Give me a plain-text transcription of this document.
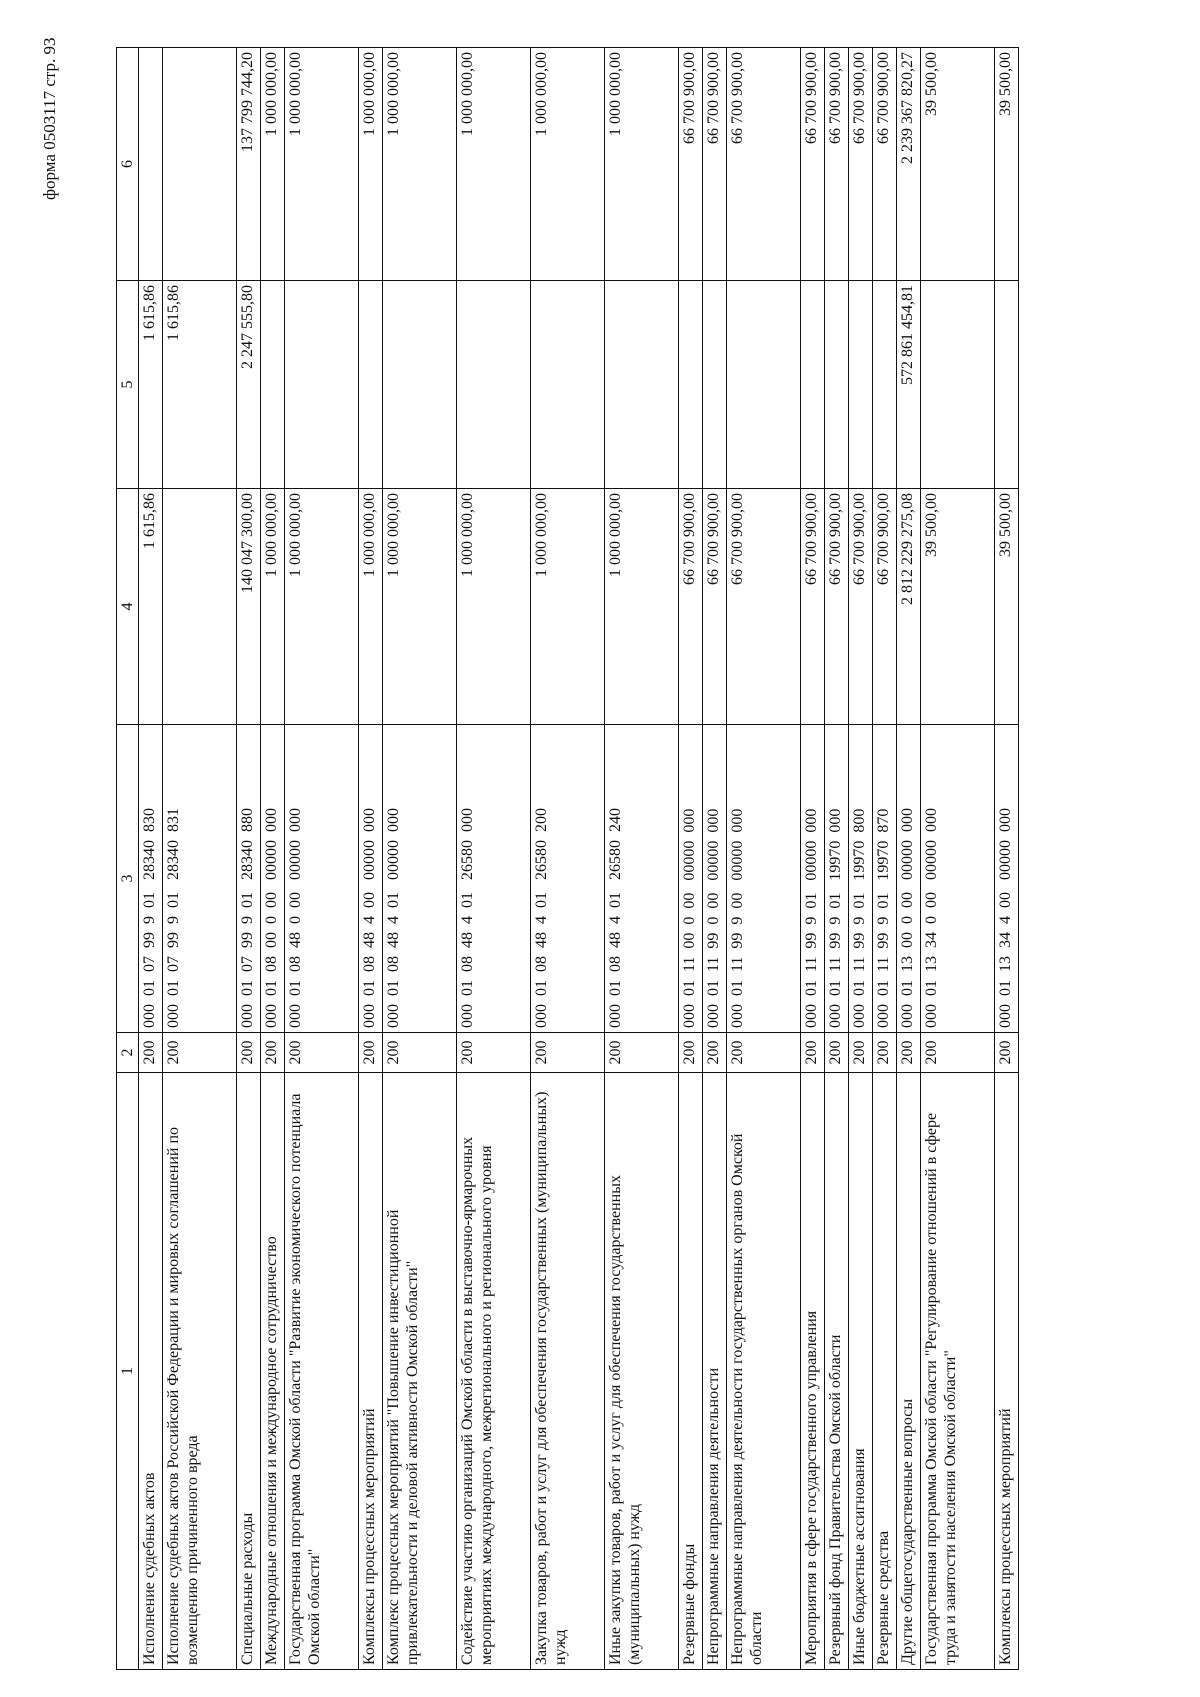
форма 0503117 стр. 93
1	2	3	4	5	6
Исполнение судебных актов	200	000  01  07  99  9  01   28340  830	1 615,86	1 615,86	
Исполнение судебных актов Российской Федерации и мировых соглашений по возмещению причиненного вреда	200	000  01  07  99  9  01   28340  831		1 615,86	
Специальные расходы	200	000  01  07  99  9  01   28340  880	140 047 300,00	2 247 555,80	137 799 744,20
Международные отношения и международное сотрудничество	200	000  01  08  00  0  00   00000  000	1 000 000,00		1 000 000,00
Государственная программа Омской области "Развитие экономического потенциала Омской области"	200	000  01  08  48  0  00   00000  000	1 000 000,00		1 000 000,00
Комплексы процессных мероприятий	200	000  01  08  48  4  00   00000  000	1 000 000,00		1 000 000,00
Комплекс процессных мероприятий "Повышение инвестиционной привлекательности и деловой активности Омской области"	200	000  01  08  48  4  01   00000  000	1 000 000,00		1 000 000,00
Содействие участию организаций Омской области в выставочно-ярмарочных мероприятиях международного, межрегионального и регионального уровня	200	000  01  08  48  4  01   26580  000	1 000 000,00		1 000 000,00
Закупка товаров, работ и услуг для обеспечения государственных (муниципальных) нужд	200	000  01  08  48  4  01   26580  200	1 000 000,00		1 000 000,00
Иные закупки товаров, работ и услуг для обеспечения государственных (муниципальных) нужд	200	000  01  08  48  4  01   26580  240	1 000 000,00		1 000 000,00
Резервные фонды	200	000  01  11  00  0  00   00000  000	66 700 900,00		66 700 900,00
Непрограммные направления деятельности	200	000  01  11  99  0  00   00000  000	66 700 900,00		66 700 900,00
Непрограммные направления деятельности государственных органов Омской области	200	000  01  11  99  9  00   00000  000	66 700 900,00		66 700 900,00
Мероприятия в сфере государственного управления	200	000  01  11  99  9  01   00000  000	66 700 900,00		66 700 900,00
Резервный фонд Правительства Омской области	200	000  01  11  99  9  01   19970  000	66 700 900,00		66 700 900,00
Иные бюджетные ассигнования	200	000  01  11  99  9  01   19970  800	66 700 900,00		66 700 900,00
Резервные средства	200	000  01  11  99  9  01   19970  870	66 700 900,00		66 700 900,00
Другие общегосударственные вопросы	200	000  01  13  00  0  00   00000  000	2 812 229 275,08	572 861 454,81	2 239 367 820,27
Государственная программа Омской области "Регулирование отношений в сфере труда и занятости населения Омской области"	200	000  01  13  34  0  00   00000  000	39 500,00		39 500,00
Комплексы процессных мероприятий	200	000  01  13  34  4  00   00000  000	39 500,00		39 500,00
